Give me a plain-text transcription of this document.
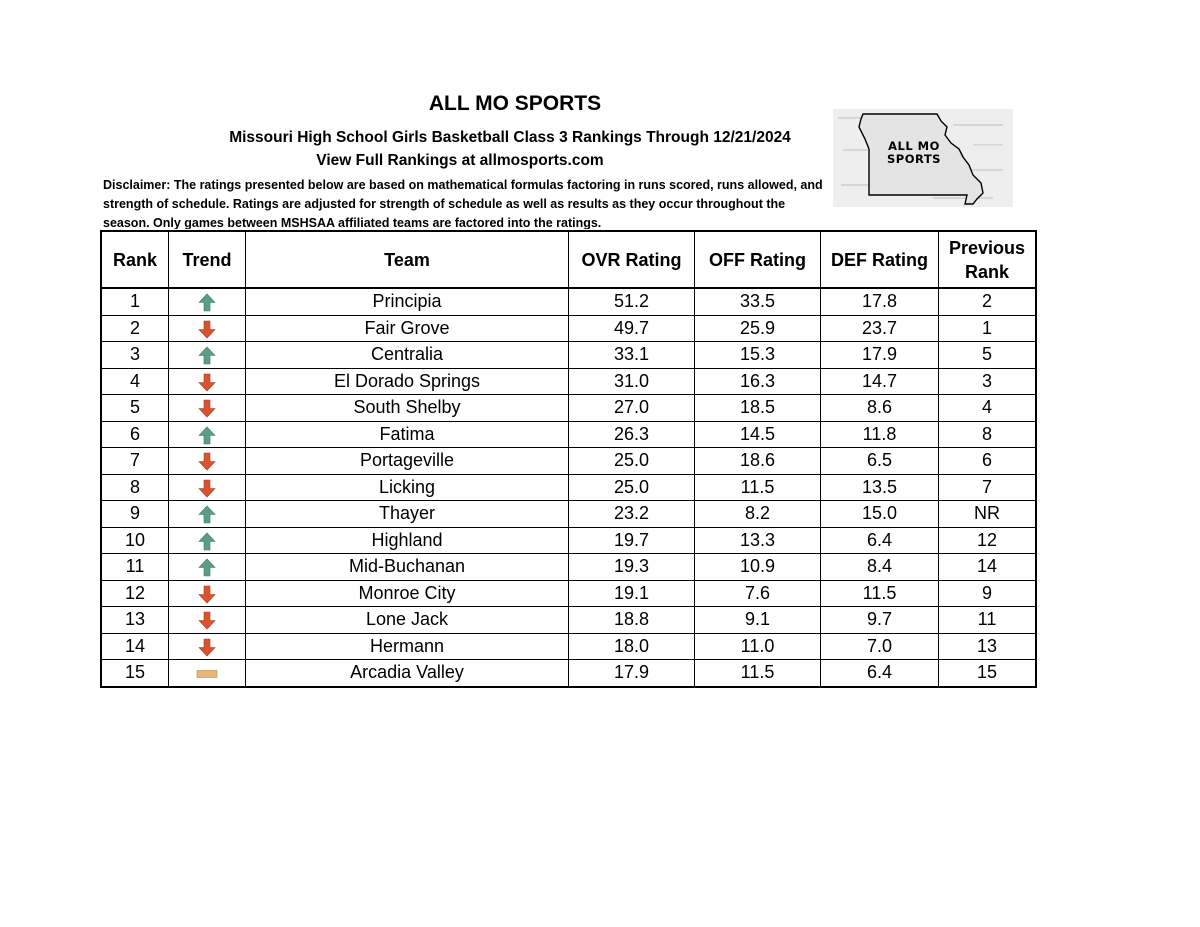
ALL MO SPORTS
Missouri High School Girls Basketball Class 3 Rankings Through 12/21/2024
View Full Rankings at allmosports.com
Disclaimer: The ratings presented below are based on mathematical formulas factoring in runs scored, runs allowed, and strength of schedule. Ratings are adjusted for strength of schedule as well as results as they occur throughout the season. Only games between MSHSAA affiliated teams are factored into the ratings.
ALL MO
SPORTS
Rank	Trend	Team	OVR Rating	OFF Rating	DEF Rating	Previous
Rank

1		Principia	51.2	33.5	17.8	2
2		Fair Grove	49.7	25.9	23.7	1
3		Centralia	33.1	15.3	17.9	5
4		El Dorado Springs	31.0	16.3	14.7	3
5		South Shelby	27.0	18.5	8.6	4
6		Fatima	26.3	14.5	11.8	8
7		Portageville	25.0	18.6	6.5	6
8		Licking	25.0	11.5	13.5	7
9		Thayer	23.2	8.2	15.0	NR
10		Highland	19.7	13.3	6.4	12
11		Mid-Buchanan	19.3	10.9	8.4	14
12		Monroe City	19.1	7.6	11.5	9
13		Lone Jack	18.8	9.1	9.7	11
14		Hermann	18.0	11.0	7.0	13
15		Arcadia Valley	17.9	11.5	6.4	15
